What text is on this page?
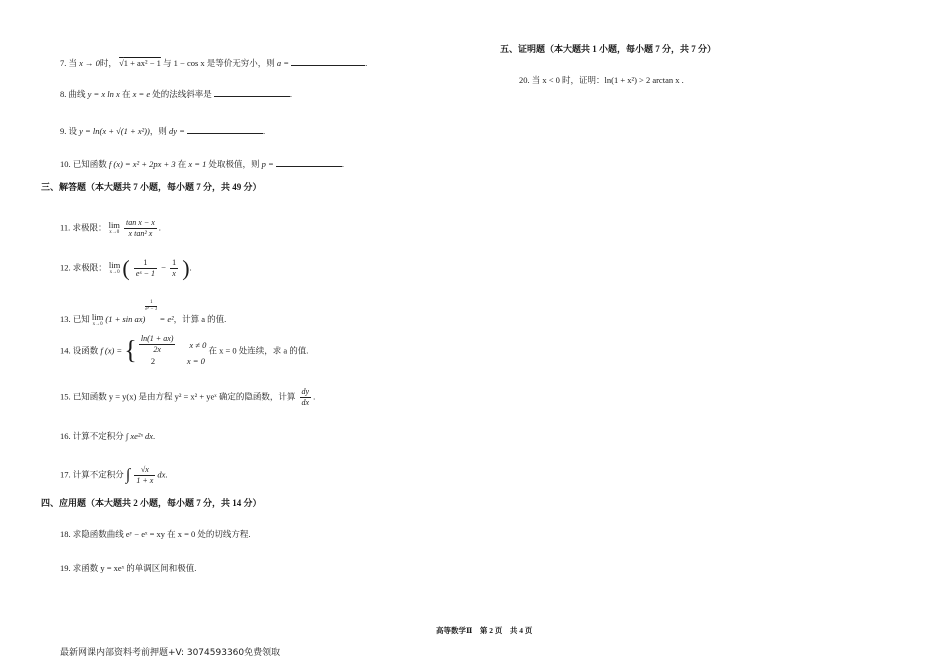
7. 当 x → 0时， √1 + ax² − 1 与 1 − cos x 是等价无穷小，则 a =	.
8. 曲线 y = x ln x 在 x = e 处的法线斜率是	.
9. 设 y = ln(x + √(1 + x²))，则 dy =	.
10. 已知函数 f (x) = x² + 2px + 3 在 x = 1 处取极值，则 p =	.
三、解答题（本大题共 7 小题，每小题 7 分，共 49 分）
11. 求极限： lim
x→0
$\frac{\text{tan x − x}}{\text{x tan² x}}$ .
12. 求极限： lim
x→0 ( $\frac{1}{\text{eˣ − 1}} - \frac{1}{x}$ ).
13. 已知 lim
x→0
(1 + sin ax)
$\frac{1}{\text{eˣ − 1}}$
= e²，计算 a 的值.
14. 设函数 f (x) = { $\frac{\ln(1 + ax)}{2x}$ x ≠ 0
2	x = 0
在 x = 0 处连续，求 a 的值.
15. 已知函数 y = y(x) 是由方程 y² = x² + yeˣ 确定的隐函数，计算 $\frac{dy}{dx}$ .
16. 计算不定积分 ∫ xe²ˣ dx.
17. 计算不定积分 ∫ $\frac{√x}{1 + x}$ dx.
四、应用题（本大题共 2 小题，每小题 7 分，共 14 分）
18. 求隐函数曲线 eʸ − eˣ = xy 在 x = 0 处的切线方程.
19. 求函数 y = xeˣ 的单调区间和极值.
五、证明题（本大题共 1 小题，每小题 7 分，共 7 分）
20. 当 x < 0 时，证明：ln(1 + x²) > 2 arctan x .
高等数学Ⅱ　第 2 页　共 4 页
最新网课内部资料考前押题+V: 3074593360免费领取
